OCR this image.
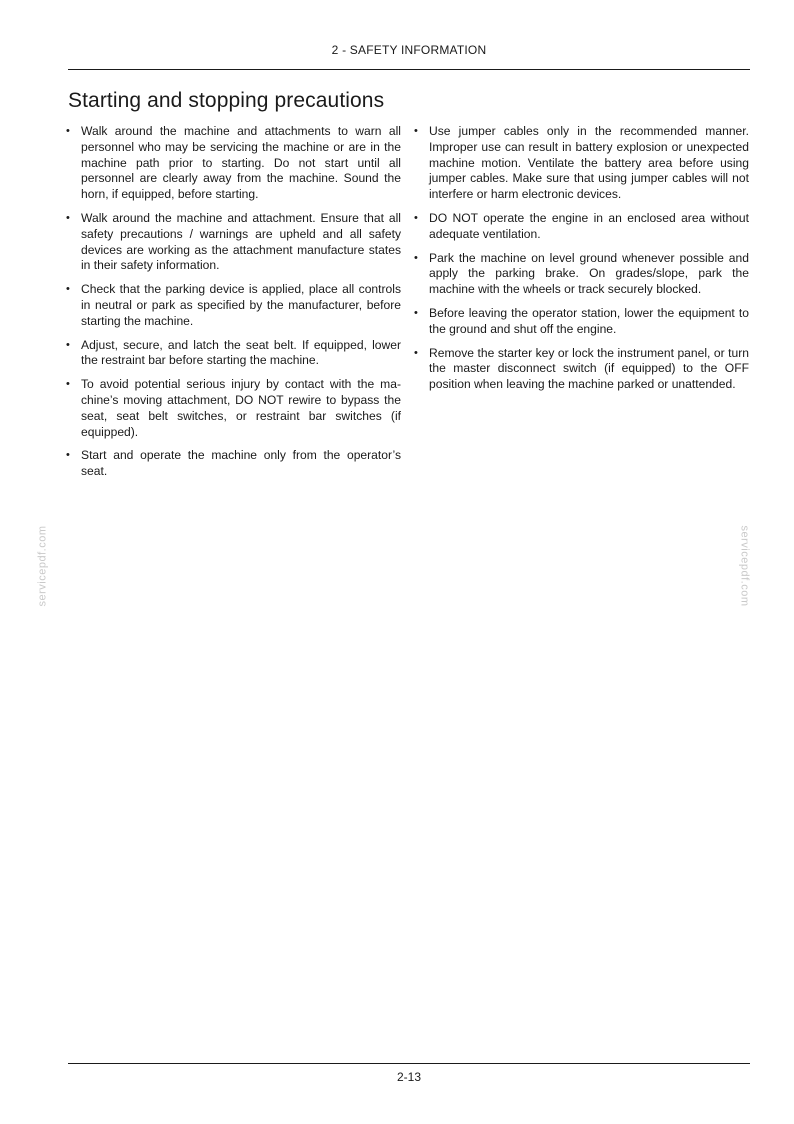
2 - SAFETY INFORMATION
Starting and stopping precautions
• Walk around the machine and attachments to warn all personnel who may be servicing the machine or are in the machine path prior to starting. Do not start until all personnel are clearly away from the machine. Sound the horn, if equipped, before starting.
• Walk around the machine and attachment. Ensure that all safety precautions / warnings are upheld and all safety devices are working as the attachment manufacture states in their safety information.
• Check that the parking device is applied, place all controls in neutral or park as specified by the manufacturer, before starting the machine.
• Adjust, secure, and latch the seat belt. If equipped, lower the restraint bar before starting the machine.
• To avoid potential serious injury by contact with the machine’s moving attachment, DO NOT rewire to bypass the seat, seat belt switches, or restraint bar switches (if equipped).
• Start and operate the machine only from the operator’s seat.
• Use jumper cables only in the recommended manner. Improper use can result in battery explosion or unexpected machine motion. Ventilate the battery area before using jumper cables. Make sure that using jumper cables will not interfere or harm electronic devices.
• DO NOT operate the engine in an enclosed area without adequate ventilation.
• Park the machine on level ground whenever possible and apply the parking brake. On grades/slope, park the machine with the wheels or track securely blocked.
• Before leaving the operator station, lower the equipment to the ground and shut off the engine.
• Remove the starter key or lock the instrument panel, or turn the master disconnect switch (if equipped) to the OFF position when leaving the machine parked or unattended.
servicepdf.com	servicepdf.com
2-13
